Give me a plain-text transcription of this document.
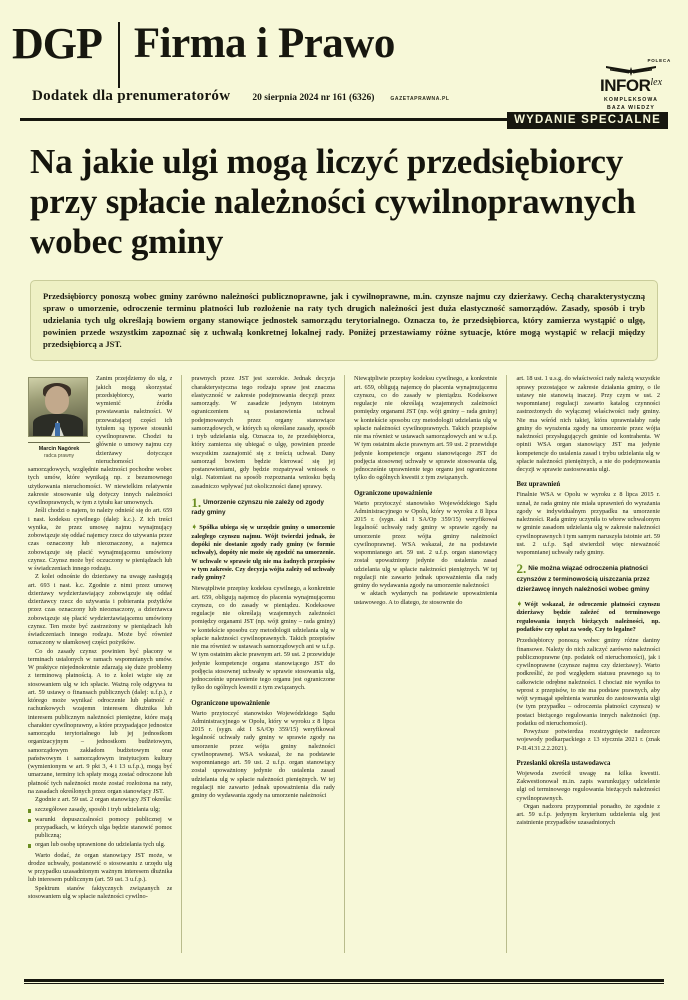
DGP Firma i Prawo
Dodatek dla prenumeratorów 20 sierpnia 2024 nr 161 (6326)	GAZETAPRAWNA.PL
POLECA
$INFOR^{lex}$
KOMPLEKSOWA
BAZA WIEDZY
WYDANIE SPECJALNE
Na jakie ulgi mogą liczyć przedsiębiorcy przy spłacie należności cywilnoprawnych wobec gminy
Przedsiębiorcy ponoszą wobec gminy zarówno należności publicznoprawne, jak i cywilnoprawne, m.in. czynsze najmu czy dzierżawy. Cechą charakterystyczną spraw o umorzenie, odroczenie terminu płatności lub rozłożenie na raty tych drugich należności jest duża elastyczność samorządów. Zasady, sposób i tryb udzielania tych ulg określają bowiem organy stanowiące jednostek samorządu terytorialnego. Oznacza to, że przedsiębiorca, który zamierza wystąpić o ulgę, powinien przede wszystkim zapoznać się z uchwałą konkretnej lokalnej rady. Poniżej przestawiamy różne sytuacje, które mogą wystąpić w relacji między przedsiębiorcą a JST.
Marcin Nagórek
radca prawny

Zanim przejdziemy do ulg, z jakich mogą skorzystać przedsiębiorcy, warto wymienić źródła powstawania należności. W przeważającej części ich tytułem są typowe stosunki cywilnoprawne. Chodzi tu głównie o umowy najmu czy dzierżawy dotyczące nieruchomości samorządowych, względnie należności pochodne wobec tych umów, które wynikają np. z bezumownego użytkowania nieruchomości. W niewielkim relatywnie zakresie stosowanie ulg dotyczy innych należności cywilnoprawnych, w tym z tytułu kar umownych.

Jeśli chodzi o najem, to należy odnieść się do art. 659 i nast. kodeksu cywilnego (dalej: k.c.). Z ich treści wynika, że przez umowę najmu wynajmujący zobowiązuje się oddać najemcy rzecz do używania przez czas oznaczony lub nieoznaczony, a najemca zobowiązuje się płacić wynajmującemu umówiony czynsz. Czynsz może być oczuczony w pieniądzach lub w świadczeniach innego rodzaju.

Z kolei odnośnie do dzierżawy na uwagę zasługują art. 693 i nast. k.c. Zgodnie z nimi przez umowę dzierżawy wydzierżawiający zobowiązuje się oddać dzierżawcy rzecz do używania i pobierania pożytków przez czas oznaczony lub nieoznaczony, a dzierżawca zobowiązuje się płacić wydzierżawiającemu umówiony czynsz. Ten może być zastrzeżony w pieniądzach lub świadczeniach innego rodzaju. Może być również oznaczony w ułamkowej części pożytków.

Co do zasady czynsz powinien być płacony w terminach ustalonych w ramach wspomnianych umów. W praktyce niejednokrotnie zdarzają się duże problemy z terminową płatnością. A to z kolei wiąże się ze stosowaniem ulg w ich spłacie. Ważną rolę odgrywa tu art. 59 ustawy o finansach publicznych (dalej: u.f.p.), z którego może wynikać odroczenie lub płatność z rachunkowych wzajemn interesem dłużnika lub interesem publicznym należności pieniężne, które mają charakter cywilnoprawny, a które przypadające jednostce samorządu terytorialnego lub jej jednostkom organizacyjnym – jednostkom budżetowym, samorządowym zakładom budżetowym oraz państwowym i samorządowym instytucjom kultury (wymienionym w art. 9 pkt 3, 4 i 13 u.f.p.), mogą być umarzane, terminy ich spłaty mogą zostać odroczone lub płatność tych należności może zostać rozłożona na raty, na zasadach określonych przez organ stanowiący JST.

Zgodnie z art. 59 ust. 2 organ stanowiący JST określa:

szczegółowe zasady, sposób i tryb udzielania ulg;
warunki dopuszczalności pomocy publicznej w przypadkach, w których ulga będzie stanowić pomoc publiczną;
organ lub osobę uprawnione do udzielania tych ulg.

Warto dodać, że organ stanowiący JST może, w drodze uchwały, postanowić o stosowaniu z urzędu ulg w przypadku uzasadnionym ważnym interesem dłużnika lub interesem publicznym (art. 59 ust. 3 u.f.p.).

Spektrum stanów faktycznych związanych ze stosowaniem ulg w spłacie należności cywilno-

prawnych przez JST jest szerokie. Jednak decyzja charakterystyczna tego rodzaju spraw jest znaczna elastyczność w zakresie podejmowania decyzji przez samorządy. W zasadzie jedynym istotnym ograniczeniem są postanowienia uchwał podejmowanych przez organy stanowiące samorządowych, w których są określane zasady, sposób i tryb udzielania ulg. Oznacza to, że przedsiębiorca, który zamierza się ubiegać o ulgę, powinien przede wszystkim zaznajomić się z treścią uchwał. Dany samorząd bowiem będzie kierować się jej postanowieniami, gdy będzie rozpatrywał wniosek o ulgi. Natomiast na sposób rozpoznania wniosku będą zasadniczo wpływać już okoliczności danej sprawy.

1. Umorzenie czynszu nie zależy od zgody rady gminy
➧ Spółka ubiega się w urzędzie gminy o umorzenie zaległego czynszu najmu. Wójt twierdzi jednak, że dopóki nie dostanie zgody rady gminy (w formie uchwały), dopóty nie może się zgodzić na umorzenie. W uchwale w sprawie ulg nie ma żadnych przepisów w tym zakresie. Czy decyzja wójta zależy od uchwały rady gminy?

Niewątpliwie przepisy kodeksu cywilnego, a konkretnie art. 659, obligują najemcę do płacenia wynajmującemu czynszu, co do zasady w pieniądzu. Kodeksowe regulacje nie określają wzajemnych zależności pomiędzy organami JST (np. wójt gminy – rada gminy) w kontekście sposobu czy metodologii udzielania ulg w spłacie należności cywilnoprawnych. Takich przepisów nie ma również w ustawach samorządowych ani w u.f.p. W tym ostatnim akcie prawnym art. 59 ust. 2 przewiduje jedynie kompetencje organu stanowiącego JST do podjęcia stosownej uchwały w sprawie stosowania ulg, jednocześnie uprawnienie tego organu jest ograniczone tylko do ogólnych kwestii z tym związanych.

Ograniczone upoważnienie

Warto przytoczyć stanowisko Wojewódzkiego Sądu Administracyjnego w Opolu, który w wyroku z 8 lipca 2015 r. (sygn. akt I SA/Op 359/15) weryfikował legalność uchwały rady gminy w sprawie zgody na umorzenie przez wójta gminy należności cywilnoprawnej. WSA wskazał, że na podstawie wspomnianego art. 59 ust. 2 u.f.p. organ stanowiący został upoważniony jedynie do ustalenia zasad udzielania ulg w spłacie należności pieniężnych. W tej regulacji nie zawarto jednak upoważnienia dla rady gminy do wydawania zgody na umorzenie należności

Niewątpliwie przepisy kodeksu cywilnego, a konkretnie art. 659, obligują najemcę do płacenia wynajmującemu czynszu, co do zasady w pieniądzu. Kodeksowe regulacje nie określają wzajemnych zależności pomiędzy organami JST (np. wójt gminy – rada gminy) w kontekście sposobu czy metodologii udzielania ulg w spłacie należności cywilnoprawnych. Takich przepisów nie ma również w ustawach samorządowych ani w u.f.p. W tym ostatnim akcie prawnym art. 59 ust. 2 przewiduje jedynie kompetencje organu stanowiącego JST do podjęcia stosownej uchwały w sprawie stosowania ulg, jednocześnie uprawnienie tego organu jest ograniczone tylko do ogólnych kwestii z tym związanych.

Ograniczone upoważnienie

Warto przytoczyć stanowisko Wojewódzkiego Sądu Administracyjnego w Opolu, który w wyroku z 8 lipca 2015 r. (sygn. akt I SA/Op 359/15) weryfikował legalność uchwały rady gminy w sprawie zgody na umorzenie przez wójta gminy należności cywilnoprawnej. WSA wskazał, że na podstawie wspomnianego art. 59 ust. 2 u.f.p. organ stanowiący został upoważniony jedynie do ustalenia zasad udzielania ulg w spłacie należności pieniężnych. W tej regulacji nie zawarto jednak upoważnienia dla rady gminy do wydawania zgody na umorzenie należności

w aktach wydanych na podstawie upoważnienia ustawowego. A to dlatego, że stosownie do

art. 18 ust. 1 u.s.g. do właściwości rady należą wszystkie sprawy pozostające w zakresie działania gminy, o ile ustawy nie stanowią inaczej. Przy czym w ust. 2 wspomnianej regulacji zawarto katalog czynności zastrzeżonych do wyłącznej właściwości rady gminy. Nie ma wśród nich takiej, która uprawniałaby radę gminy do wyrażenia zgody na umorzenie przez wójta należności przysługujących gminie od kontrahenta. W opinii WSA organ stanowiący JST ma jedynie kompetencje do ustalenia zasad i trybu udzielania ulg w spłacie należności pieniężnych, a nie do podejmowania decyzji w sprawie zastosowania ulgi.

Bez uprawnień

Finalnie WSA w Opolu w wyroku z 8 lipca 2015 r. uznał, że rada gminy nie miała uprawnień do wyrażania zgody w indywidualnym przypadku na umorzenie należności. Rada gminy uczyniła to wbrew uchwalonym w gminie zasadom udzielania ulg w zakresie należności cywilnoprawnych i tym samym naruszyła istotnie art. 59 ust. 2 u.f.p. Sąd stwierdził więc nieważność wspomnianej uchwały rady gminy.

2. Nie można wiązać odroczenia płatności czynszów z terminowością uiszczania przez dzierżawcę innych należności wobec gminy
➧ Wójt wskazał, że odroczenie płatności czynszu dzierżawy będzie zależeć od terminowego regulowania innych bieżących należności, np. podatków czy opłat za wodę. Czy to legalne?

Przedsiębiorcy ponoszą wobec gminy różne daniny finansowe. Należy do nich zaliczyć zarówno należności publicznoprawne (np. podatek od nieruchomości), jak i cywilnoprawne (czynsze najmu czy dzierżawy). Warto podkreślić, że pod względem statusu prawnego są to całkowicie odrębne należności. I chociaż nie wynika to wprost z przepisów, to nie ma podstaw prawnych, aby wójt wymagał spełnienia warunku do zastosowania ulgi (w tym przypadku – odroczenia płatności czynszu) w postaci bieżącego regulowania innych należności (np. podatku od nieruchomości).

Powyższe potwierdza rozstrzygnięcie nadzorcze wojewody podkarpackiego z 13 stycznia 2021 r. (znak P-II.4131.2.2.2021).

Przesłanki określa ustawodawca

Wojewoda zwrócił uwagę na kilka kwestii. Zakwestionował m.in. zapis warunkujący udzielenie ulgi od terminowego regulowania bieżących należności cywilnoprawnych.

Organ nadzoru przypomniał ponadto, że zgodnie z art. 59 u.f.p. jedynym kryterium udzielenia ulg jest zaistnienie przypadków uzasadnionych
